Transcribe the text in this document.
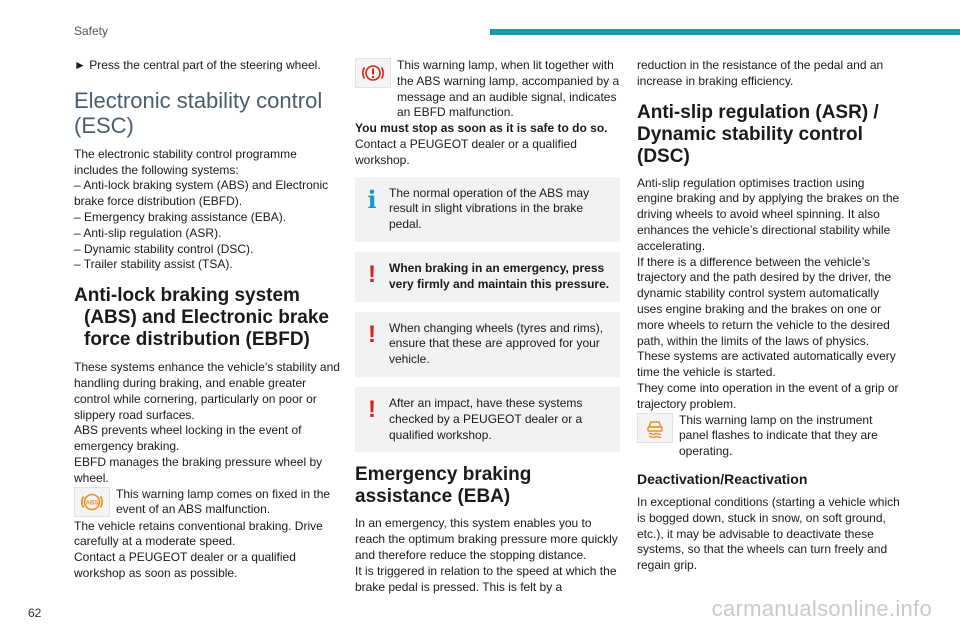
Safety

► Press the central part of the steering wheel.

Electronic stability control (ESC)

The electronic stability control programme includes the following systems:

– Anti-lock braking system (ABS) and Electronic brake force distribution (EBFD).

– Emergency braking assistance (EBA).

– Anti-slip regulation (ASR).

– Dynamic stability control (DSC).

– Trailer stability assist (TSA).

Anti-lock braking system (ABS) and Electronic brake force distribution (EBFD)

These systems enhance the vehicle’s stability and handling during braking, and enable greater control while cornering, particularly on poor or slippery road surfaces.

ABS prevents wheel locking in the event of emergency braking.

EBFD manages the braking pressure wheel by wheel.

ABS
This warning lamp comes on fixed in the event of an ABS malfunction.

The vehicle retains conventional braking. Drive carefully at a moderate speed.

Contact a PEUGEOT dealer or a qualified workshop as soon as possible.

This warning lamp, when lit together with the ABS warning lamp, accompanied by a message and an audible signal, indicates an EBFD malfunction.

You must stop as soon as it is safe to do so.

Contact a PEUGEOT dealer or a qualified workshop.

i	The normal operation of the ABS may result in slight vibrations in the brake pedal.
!	When braking in an emergency, press very firmly and maintain this pressure.
!	When changing wheels (tyres and rims), ensure that these are approved for your vehicle.
!	After an impact, have these systems checked by a PEUGEOT dealer or a qualified workshop.
Emergency braking assistance (EBA)

In an emergency, this system enables you to reach the optimum braking pressure more quickly and therefore reduce the stopping distance.

It is triggered in relation to the speed at which the brake pedal is pressed. This is felt by a

reduction in the resistance of the pedal and an increase in braking efficiency.

Anti-slip regulation (ASR) / Dynamic stability control (DSC)

Anti-slip regulation optimises traction using engine braking and by applying the brakes on the driving wheels to avoid wheel spinning. It also enhances the vehicle’s directional stability while accelerating.

If there is a difference between the vehicle’s trajectory and the path desired by the driver, the dynamic stability control system automatically uses engine braking and the brakes on one or more wheels to return the vehicle to the desired path, within the limits of the laws of physics.

These systems are activated automatically every time the vehicle is started.

They come into operation in the event of a grip or trajectory problem.

This warning lamp on the instrument panel flashes to indicate that they are operating.
Deactivation/Reactivation

In exceptional conditions (starting a vehicle which is bogged down, stuck in snow, on soft ground, etc.), it may be advisable to deactivate these systems, so that the wheels can turn freely and regain grip.

62	carmanualsonline.info
